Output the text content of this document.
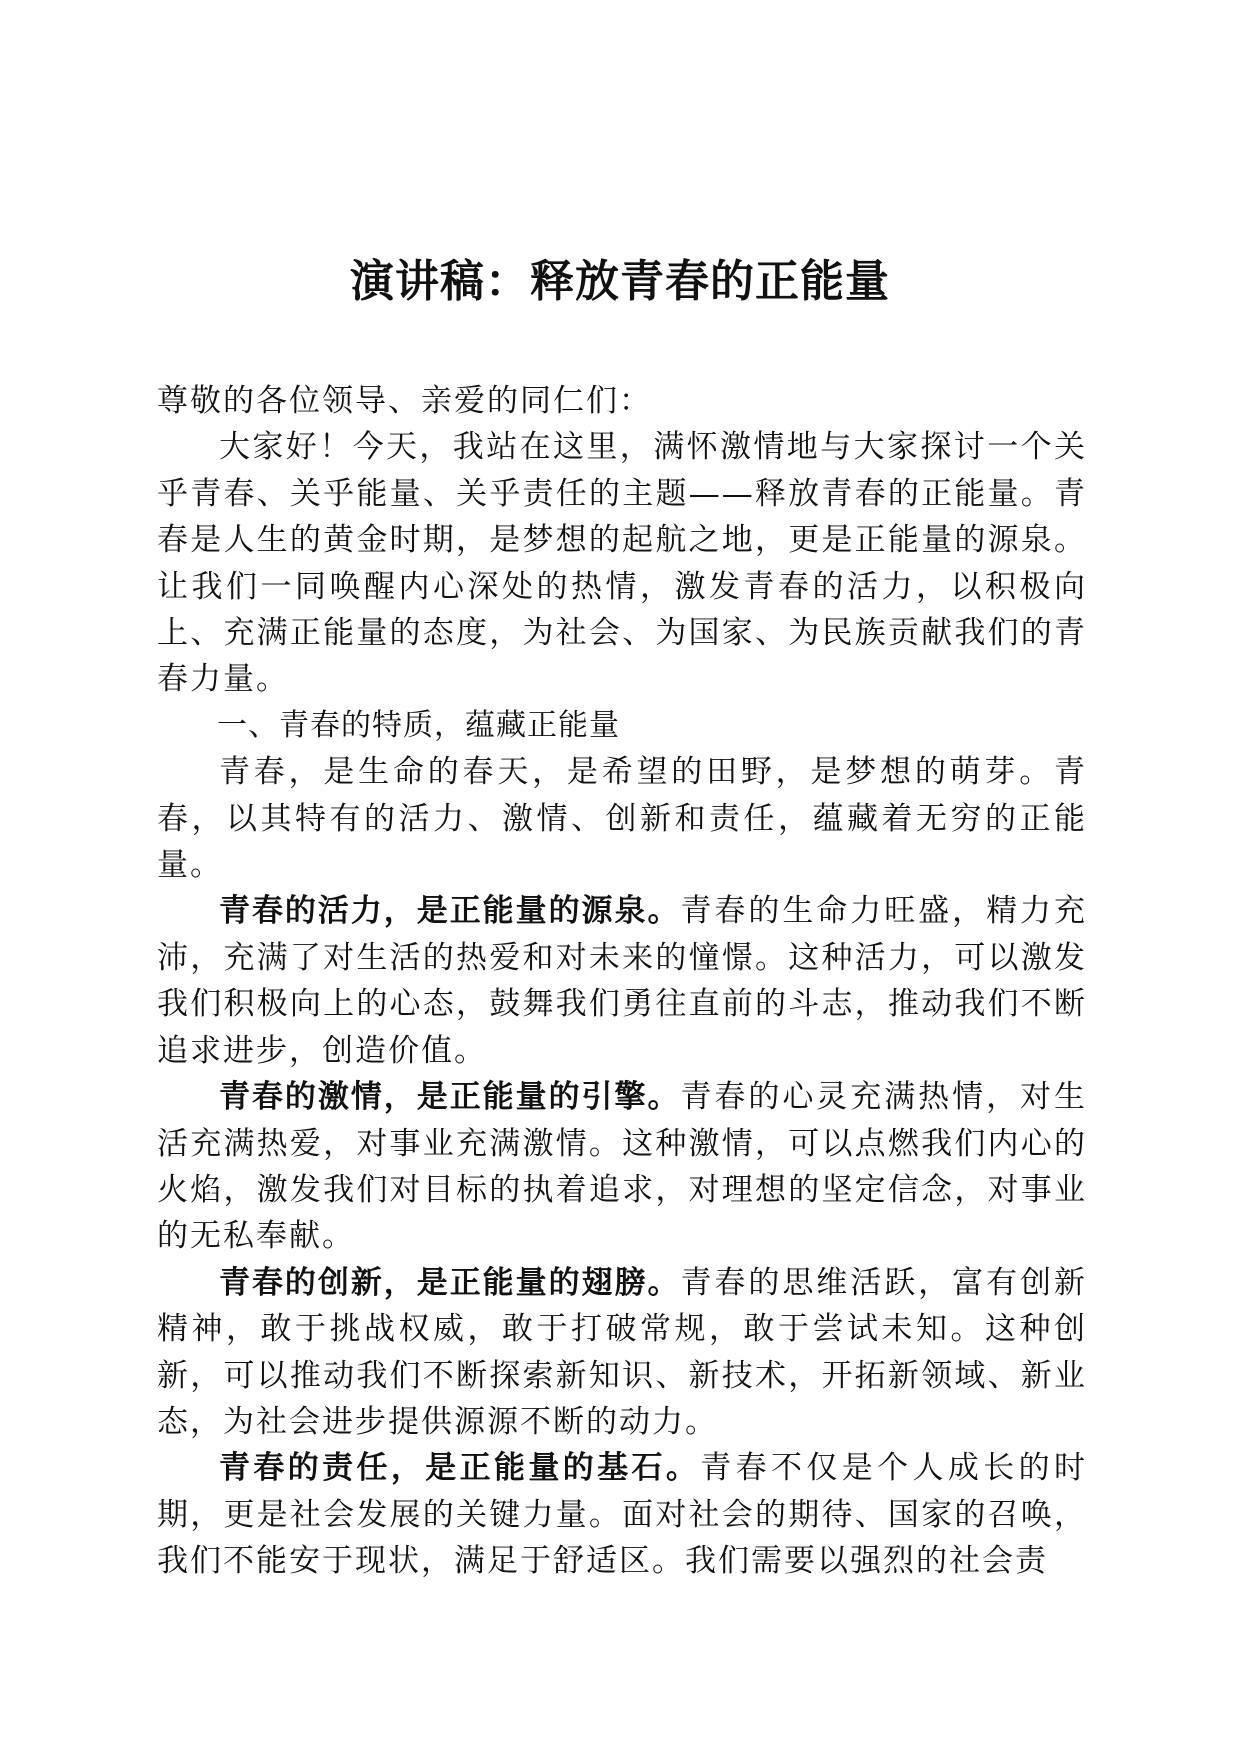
演讲稿：释放青春的正能量

尊敬的各位领导、亲爱的同仁们：

大家好！今天，我站在这里，满怀激情地与大家探讨一个关乎青春、关乎能量、关乎责任的主题——释放青春的正能量。青春是人生的黄金时期，是梦想的起航之地，更是正能量的源泉。让我们一同唤醒内心深处的热情，激发青春的活力，以积极向上、充满正能量的态度，为社会、为国家、为民族贡献我们的青春力量。

一、青春的特质，蕴藏正能量

青春，是生命的春天，是希望的田野，是梦想的萌芽。青春，以其特有的活力、激情、创新和责任，蕴藏着无穷的正能量。

青春的活力，是正能量的源泉。青春的生命力旺盛，精力充沛，充满了对生活的热爱和对未来的憧憬。这种活力，可以激发我们积极向上的心态，鼓舞我们勇往直前的斗志，推动我们不断追求进步，创造价值。

青春的激情，是正能量的引擎。青春的心灵充满热情，对生活充满热爱，对事业充满激情。这种激情，可以点燃我们内心的火焰，激发我们对目标的执着追求，对理想的坚定信念，对事业的无私奉献。

青春的创新，是正能量的翅膀。青春的思维活跃，富有创新精神，敢于挑战权威，敢于打破常规，敢于尝试未知。这种创新，可以推动我们不断探索新知识、新技术，开拓新领域、新业态，为社会进步提供源源不断的动力。

青春的责任，是正能量的基石。青春不仅是个人成长的时期，更是社会发展的关键力量。面对社会的期待、国家的召唤，我们不能安于现状，满足于舒适区。我们需要以强烈的社会责
